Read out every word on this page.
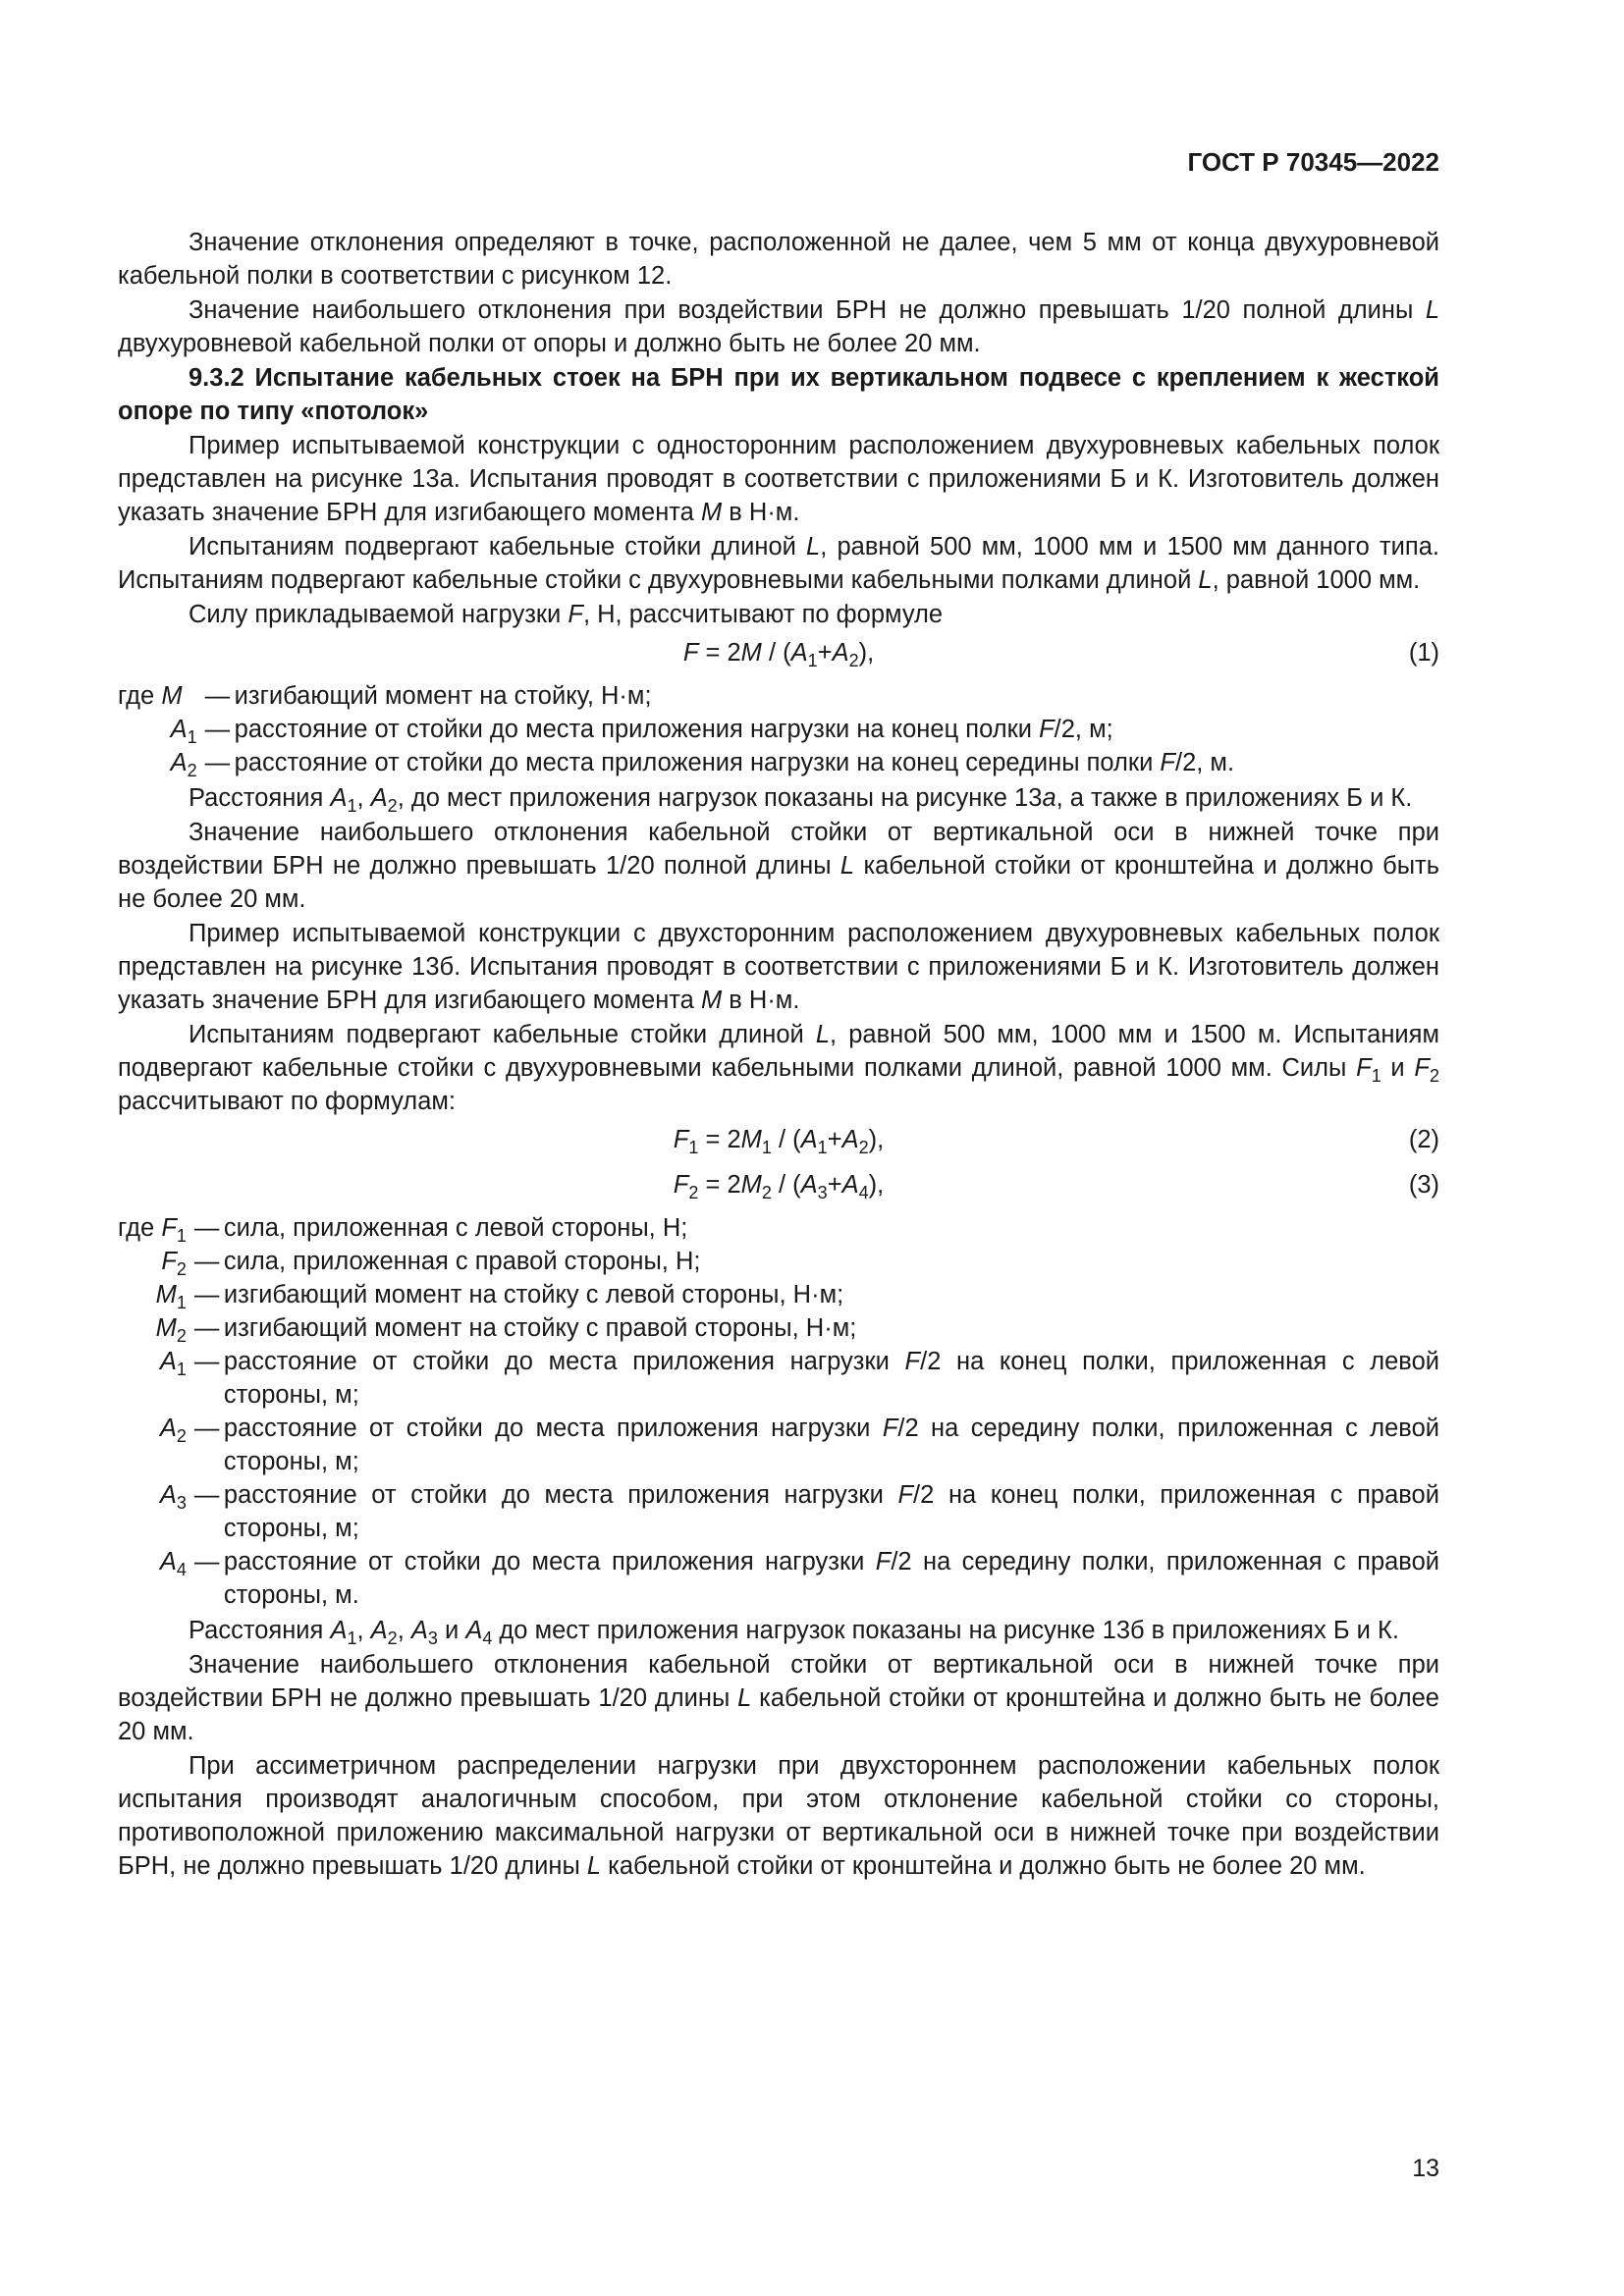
ГОСТ Р 70345—2022

Значение отклонения определяют в точке, расположенной не далее, чем 5 мм от конца двухуровневой кабельной полки в соответствии с рисунком 12.

Значение наибольшего отклонения при воздействии БРН не должно превышать 1/20 полной длины L двухуровневой кабельной полки от опоры и должно быть не более 20 мм.

9.3.2 Испытание кабельных стоек на БРН при их вертикальном подвесе с креплением к жесткой опоре по типу «потолок»

Пример испытываемой конструкции с односторонним расположением двухуровневых кабельных полок представлен на рисунке 13а. Испытания проводят в соответствии с приложениями Б и К. Изготовитель должен указать значение БРН для изгибающего момента M в Н·м.

Испытаниям подвергают кабельные стойки длиной L, равной 500 мм, 1000 мм и 1500 мм данного типа. Испытаниям подвергают кабельные стойки с двухуровневыми кабельными полками длиной L, равной 1000 мм.

Силу прикладываемой нагрузки F, Н, рассчитывают по формуле

$F = 2M / (A_1+A_2)$,	(1)
где M	—	изгибающий момент на стойку, Н·м;
$A_1$	—	расстояние от стойки до места приложения нагрузки на конец полки F/2, м;
$A_2$	—	расстояние от стойки до места приложения нагрузки на конец середины полки F/2, м.

Расстояния $A_1$, $A_2$, до мест приложения нагрузок показаны на рисунке 13а, а также в приложениях Б и К.

Значение наибольшего отклонения кабельной стойки от вертикальной оси в нижней точке при воздействии БРН не должно превышать 1/20 полной длины L кабельной стойки от кронштейна и должно быть не более 20 мм.

Пример испытываемой конструкции с двухсторонним расположением двухуровневых кабельных полок представлен на рисунке 13б. Испытания проводят в соответствии с приложениями Б и К. Изготовитель должен указать значение БРН для изгибающего момента M в Н·м.

Испытаниям подвергают кабельные стойки длиной L, равной 500 мм, 1000 мм и 1500 м. Испытаниям подвергают кабельные стойки с двухуровневыми кабельными полками длиной, равной 1000 мм. Силы $F_1$ и $F_2$ рассчитывают по формулам:

$F_1 = 2M_1 / (A_1+A_2)$,	(2)
$F_2 = 2M_2 / (A_3+A_4)$,	(3)
где $F_1$	—	сила, приложенная с левой стороны, Н;
$F_2$	—	сила, приложенная с правой стороны, Н;
$M_1$	—	изгибающий момент на стойку с левой стороны, Н·м;
$M_2$	—	изгибающий момент на стойку с правой стороны, Н·м;
$A_1$	—	расстояние от стойки до места приложения нагрузки F/2 на конец полки, приложенная с левой стороны, м;
$A_2$	—	расстояние от стойки до места приложения нагрузки F/2 на середину полки, приложенная с левой стороны, м;
$A_3$	—	расстояние от стойки до места приложения нагрузки F/2 на конец полки, приложенная с правой стороны, м;
$A_4$	—	расстояние от стойки до места приложения нагрузки F/2 на середину полки, приложенная с правой стороны, м.

Расстояния $A_1$, $A_2$, $A_3$ и $A_4$ до мест приложения нагрузок показаны на рисунке 13б в приложениях Б и К.

Значение наибольшего отклонения кабельной стойки от вертикальной оси в нижней точке при воздействии БРН не должно превышать 1/20 длины L кабельной стойки от кронштейна и должно быть не более 20 мм.

При ассиметричном распределении нагрузки при двухстороннем расположении кабельных полок испытания производят аналогичным способом, при этом отклонение кабельной стойки со стороны, противоположной приложению максимальной нагрузки от вертикальной оси в нижней точке при воздействии БРН, не должно превышать 1/20 длины L кабельной стойки от кронштейна и должно быть не более 20 мм.

13
